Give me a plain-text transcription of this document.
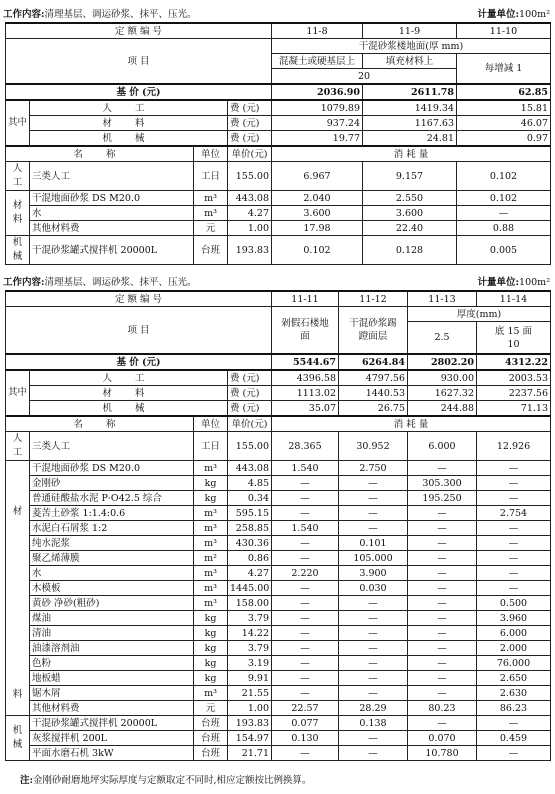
工作内容:清理基层、调运砂浆、抹平、压光。	计量单位:100m²
定 额 编 号				11-8	11-9	11-10
项 目				干混砂浆楼地面(厚 mm)		
				混凝土或硬基层上	填充材料上	每增减 1
				20		
基 价 (元)				2036.90	2611.78	62.85
其中	人 工		费 (元)	1079.89	1419.34	15.81
	材 料		费 (元)	937.24	1167.63	46.07
	机 械		费 (元)	19.77	24.81	0.97
名 称		单位	单价(元)	消 耗 量		
人工	三类人工	工日	155.00	6.967	9.157	0.102
材料	干混地面砂浆 DS M20.0	m³	443.08	2.040	2.550	0.102
	水	m³	4.27	3.600	3.600	—
	其他材料费	元	1.00	17.98	22.40	0.88
机械	干混砂浆罐式搅拌机 20000L	台班	193.83	0.102	0.128	0.005
工作内容:清理基层、调运砂浆、抹平、压光。	计量单位:100m²
定 额 编 号				11-11	11-12	11-13	11-14
项 目				剁假石楼地面	干混砂浆踢蹬面层	厚度(mm)	
						2.5	底 15 面 10
基 价 (元)				5544.67	6264.84	2802.20	4312.22
其中	人 工		费 (元)	4396.58	4797.56	930.00	2003.53
	材 料		费 (元)	1113.02	1440.53	1627.32	2237.56
	机 械		费 (元)	35.07	26.75	244.88	71.13
名 称		单位	单价(元)	消 耗 量			
人工	三类人工	工日	155.00	28.365	30.952	6.000	12.926

材
料	干混地面砂浆 DS M20.0	m³	443.08	1.540	2.750	—	—
	金刚砂	kg	4.85	—	—	305.300	—
	普通硅酸盐水泥 P·O42.5 综合	kg	0.34	—	—	195.250	—
	菱苦土砂浆 1:1.4:0.6	m³	595.15	—	—	—	2.754
	水泥白石屑浆 1:2	m³	258.85	1.540	—	—	—
	纯水泥浆	m³	430.36	—	0.101	—	—
	聚乙烯薄膜	m²	0.86	—	105.000	—	—
	水	m³	4.27	2.220	3.900	—	—
	木模板	m³	1445.00	—	0.030	—	—
	黄砂 净砂(粗砂)	m³	158.00	—	—	—	0.500
	煤油	kg	3.79	—	—	—	3.960
	清油	kg	14.22	—	—	—	6.000
	油漆溶剂油	kg	3.79	—	—	—	2.000
	色粉	kg	3.19	—	—	—	76.000
	地板蜡	kg	9.91	—	—	—	2.650
	锯木屑	m³	21.55	—	—	—	2.630
	其他材料费	元	1.00	22.57	28.29	80.23	86.23
机械	干混砂浆罐式搅拌机 20000L	台班	193.83	0.077	0.138	—	—
	灰浆搅拌机 200L	台班	154.97	0.130	—	0.070	0.459
	平面水磨石机 3kW	台班	21.71	—	—	10.780	—
注:金刚砂耐磨地坪实际厚度与定额取定不同时,相应定额按比例换算。
